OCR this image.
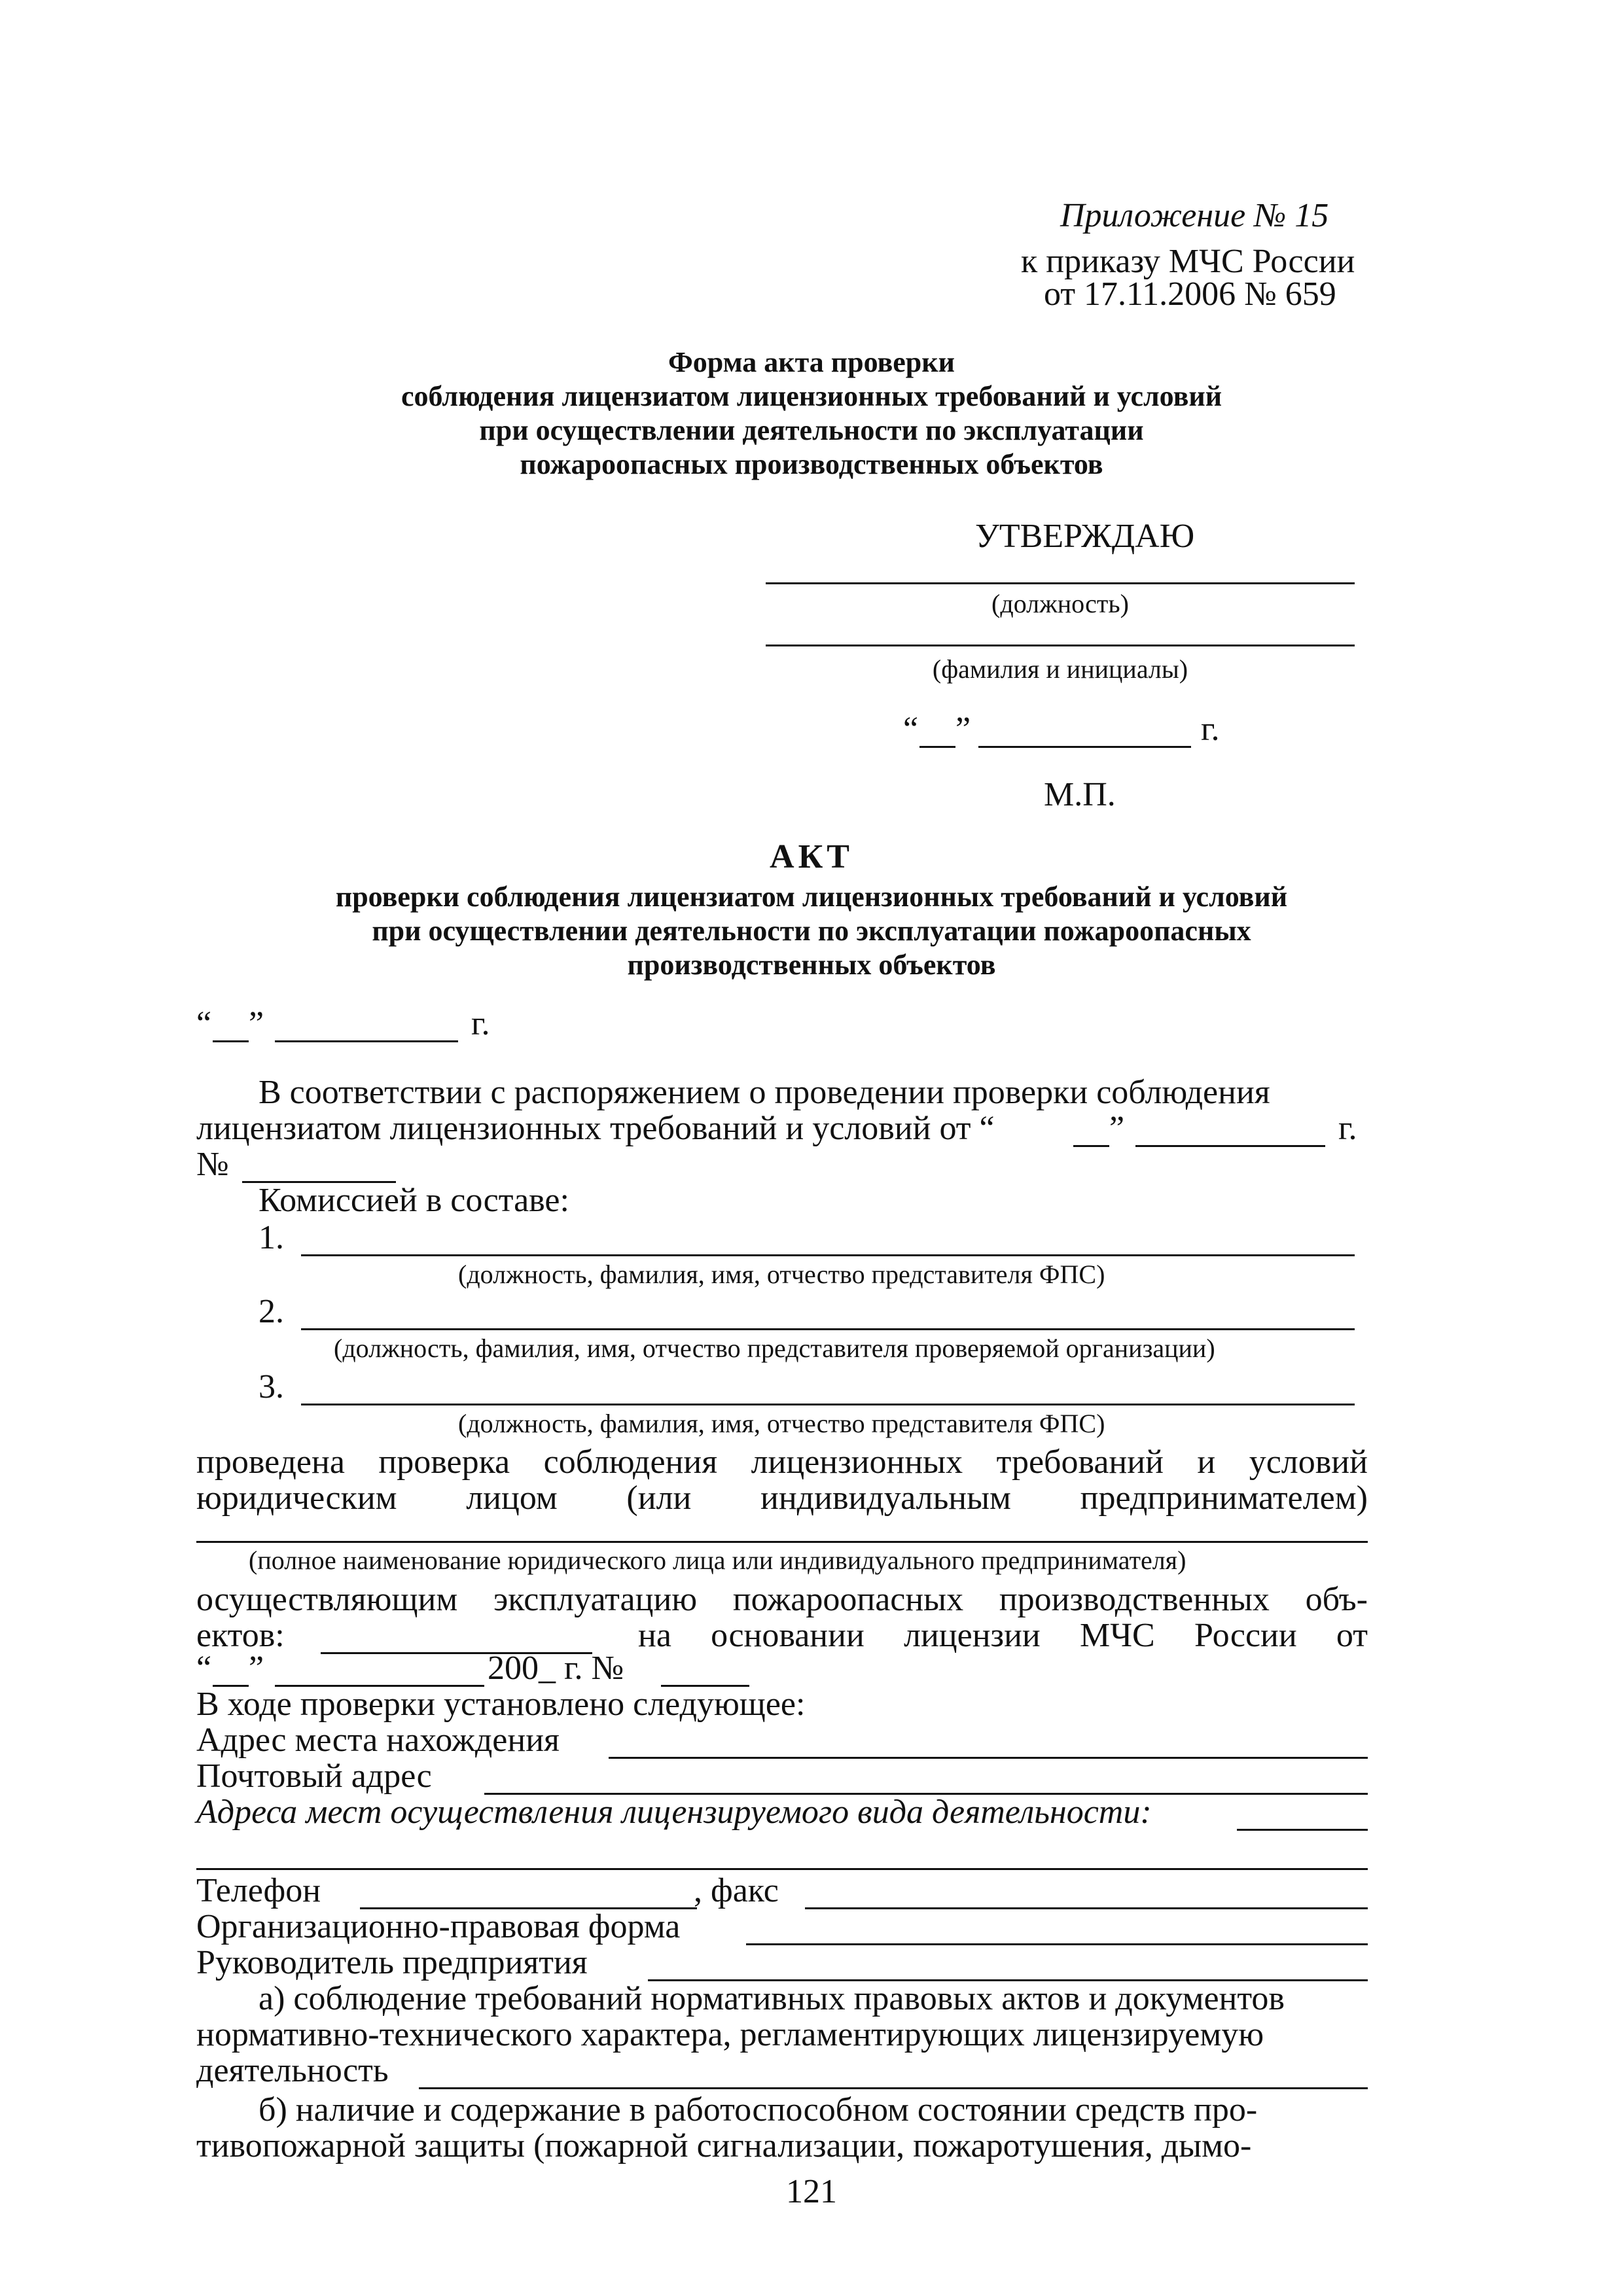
Приложение № 15
к приказу МЧС России
от 17.11.2006 № 659
Форма акта проверки
соблюдения лицензиатом лицензионных требований и условий
при осуществлении деятельности по эксплуатации
пожароопасных производственных объектов
УТВЕРЖДАЮ
(должность)
(фамилия и инициалы)
“ ”	г.
М.П.
АКТ
проверки соблюдения лицензиатом лицензионных требований и условий
при осуществлении деятельности по эксплуатации пожароопасных
производственных объектов
“ ”	г.
В соответствии с распоряжением о проведении проверки соблюдения
лицензиатом лицензионных требований и условий от “	”	г.
№
Комиссией в составе:
1.
(должность, фамилия, имя, отчество представителя ФПС)
2.
(должность, фамилия, имя, отчество представителя проверяемой организации)
3.
(должность, фамилия, имя, отчество представителя ФПС)
проведена проверка соблюдения лицензионных требований и условий
юридическим лицом (или индивидуальным предпринимателем)
(полное наименование юридического лица или индивидуального предпринимателя)
осуществляющим эксплуатацию пожароопасных производственных объ-
ектов:	на основании лицензии МЧС России от
“ ”	200_ г. №
В ходе проверки установлено следующее:
Адрес места нахождения
Почтовый адрес
Адреса мест осуществления лицензируемого вида деятельности:
Телефон	, факс
Организационно-правовая форма
Руководитель предприятия
а) соблюдение требований нормативных правовых актов и документов
нормативно-технического характера, регламентирующих лицензируемую
деятельность
б) наличие и содержание в работоспособном состоянии средств про-
тивопожарной защиты (пожарной сигнализации, пожаротушения, дымо-
121
